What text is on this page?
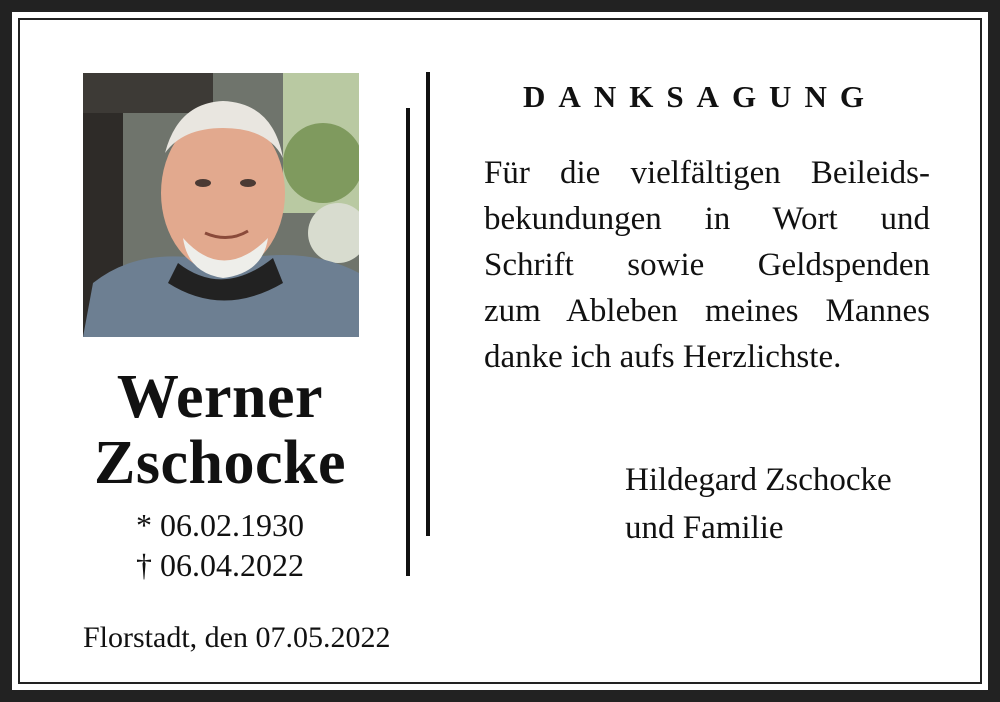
Werner
Zschocke
* 06.02.1930
† 06.04.2022
Florstadt, den 07.05.2022
DANKSAGUNG
Für die vielfältigen Beileids-
bekundungen in Wort und
Schrift sowie Geldspenden
zum Ableben meines Mannes
danke ich aufs Herzlichste.
Hildegard Zschocke
und Familie
